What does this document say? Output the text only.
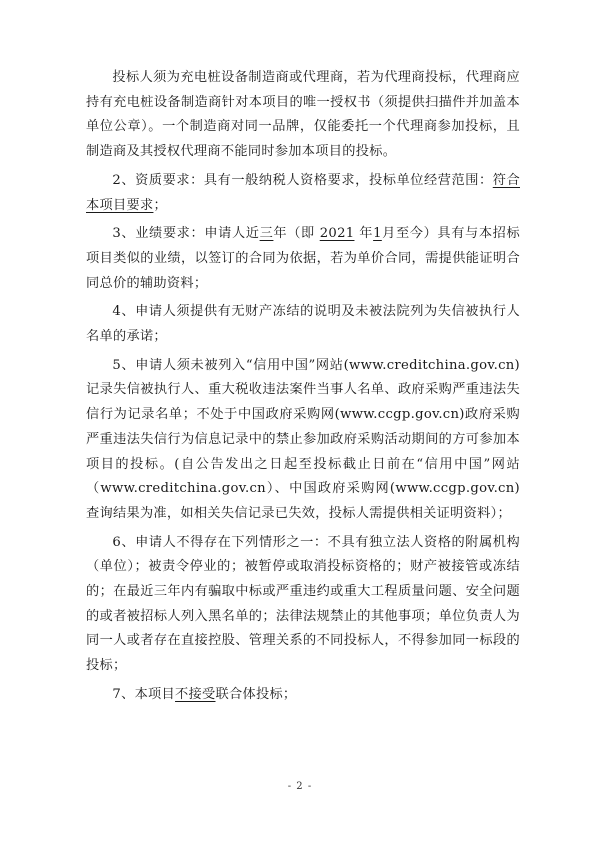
投标人须为充电桩设备制造商或代理商，若为代理商投标，代理商应持有充电桩设备制造商针对本项目的唯一授权书（须提供扫描件并加盖本单位公章）。一个制造商对同一品牌，仅能委托一个代理商参加投标，且制造商及其授权代理商不能同时参加本项目的投标。

2、资质要求：具有一般纳税人资格要求，投标单位经营范围：符合本项目要求；

3、业绩要求：申请人近三年（即 2021 年1月至今）具有与本招标项目类似的业绩，以签订的合同为依据，若为单价合同，需提供能证明合同总价的辅助资料；

4、申请人须提供有无财产冻结的说明及未被法院列为失信被执行人名单的承诺；

5、申请人须未被列入“信用中国”网站(www.creditchina.gov.cn)记录失信被执行人、重大税收违法案件当事人名单、政府采购严重违法失信行为记录名单；不处于中国政府采购网(www.ccgp.gov.cn)政府采购严重违法失信行为信息记录中的禁止参加政府采购活动期间的方可参加本项目的投标。(自公告发出之日起至投标截止日前在“信用中国”网站（www.creditchina.gov.cn）、中国政府采购网(www.ccgp.gov.cn)查询结果为准，如相关失信记录已失效，投标人需提供相关证明资料）；

6、申请人不得存在下列情形之一：不具有独立法人资格的附属机构（单位）；被责令停业的；被暂停或取消投标资格的；财产被接管或冻结的；在最近三年内有骗取中标或严重违约或重大工程质量问题、安全问题的或者被招标人列入黑名单的；法律法规禁止的其他事项；单位负责人为同一人或者存在直接控股、管理关系的不同投标人，不得参加同一标段的投标；

7、本项目不接受联合体投标；

- 2 -
